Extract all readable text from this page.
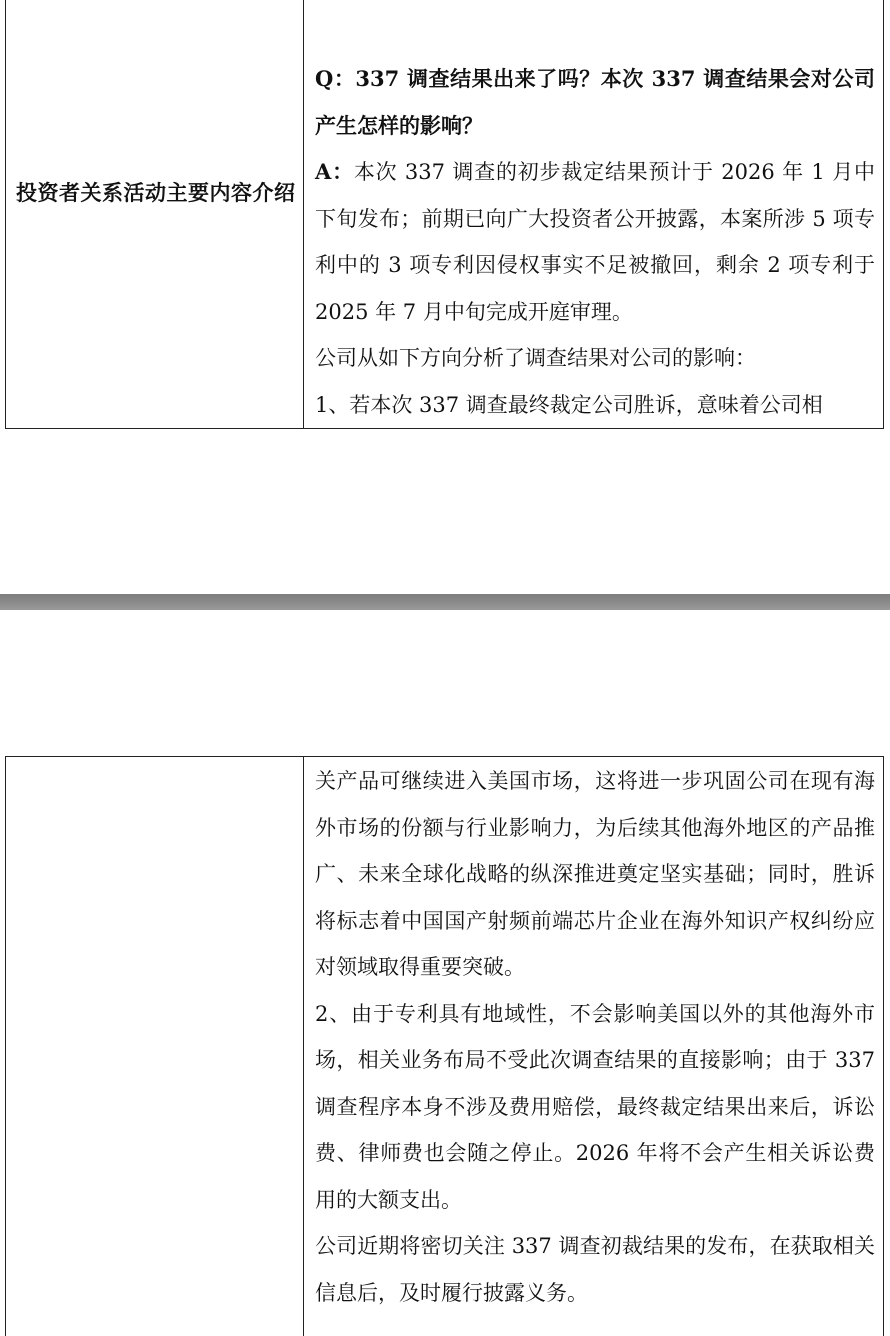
投资者关系活动主要内容介绍

Q：337 调查结果出来了吗？本次 337 调查结果会对公司产生怎样的影响？

A：本次 337 调查的初步裁定结果预计于 2026 年 1 月中下旬发布；前期已向广大投资者公开披露，本案所涉 5 项专利中的 3 项专利因侵权事实不足被撤回，剩余 2 项专利于 2025 年 7 月中旬完成开庭审理。

公司从如下方向分析了调查结果对公司的影响：

1、若本次 337 调查最终裁定公司胜诉，意味着公司相

关产品可继续进入美国市场，这将进一步巩固公司在现有海外市场的份额与行业影响力，为后续其他海外地区的产品推广、未来全球化战略的纵深推进奠定坚实基础；同时，胜诉将标志着中国国产射频前端芯片企业在海外知识产权纠纷应对领域取得重要突破。

2、由于专利具有地域性，不会影响美国以外的其他海外市场，相关业务布局不受此次调查结果的直接影响；由于 337 调查程序本身不涉及费用赔偿，最终裁定结果出来后，诉讼费、律师费也会随之停止。2026 年将不会产生相关诉讼费用的大额支出。

公司近期将密切关注 337 调查初裁结果的发布，在获取相关信息后，及时履行披露义务。
